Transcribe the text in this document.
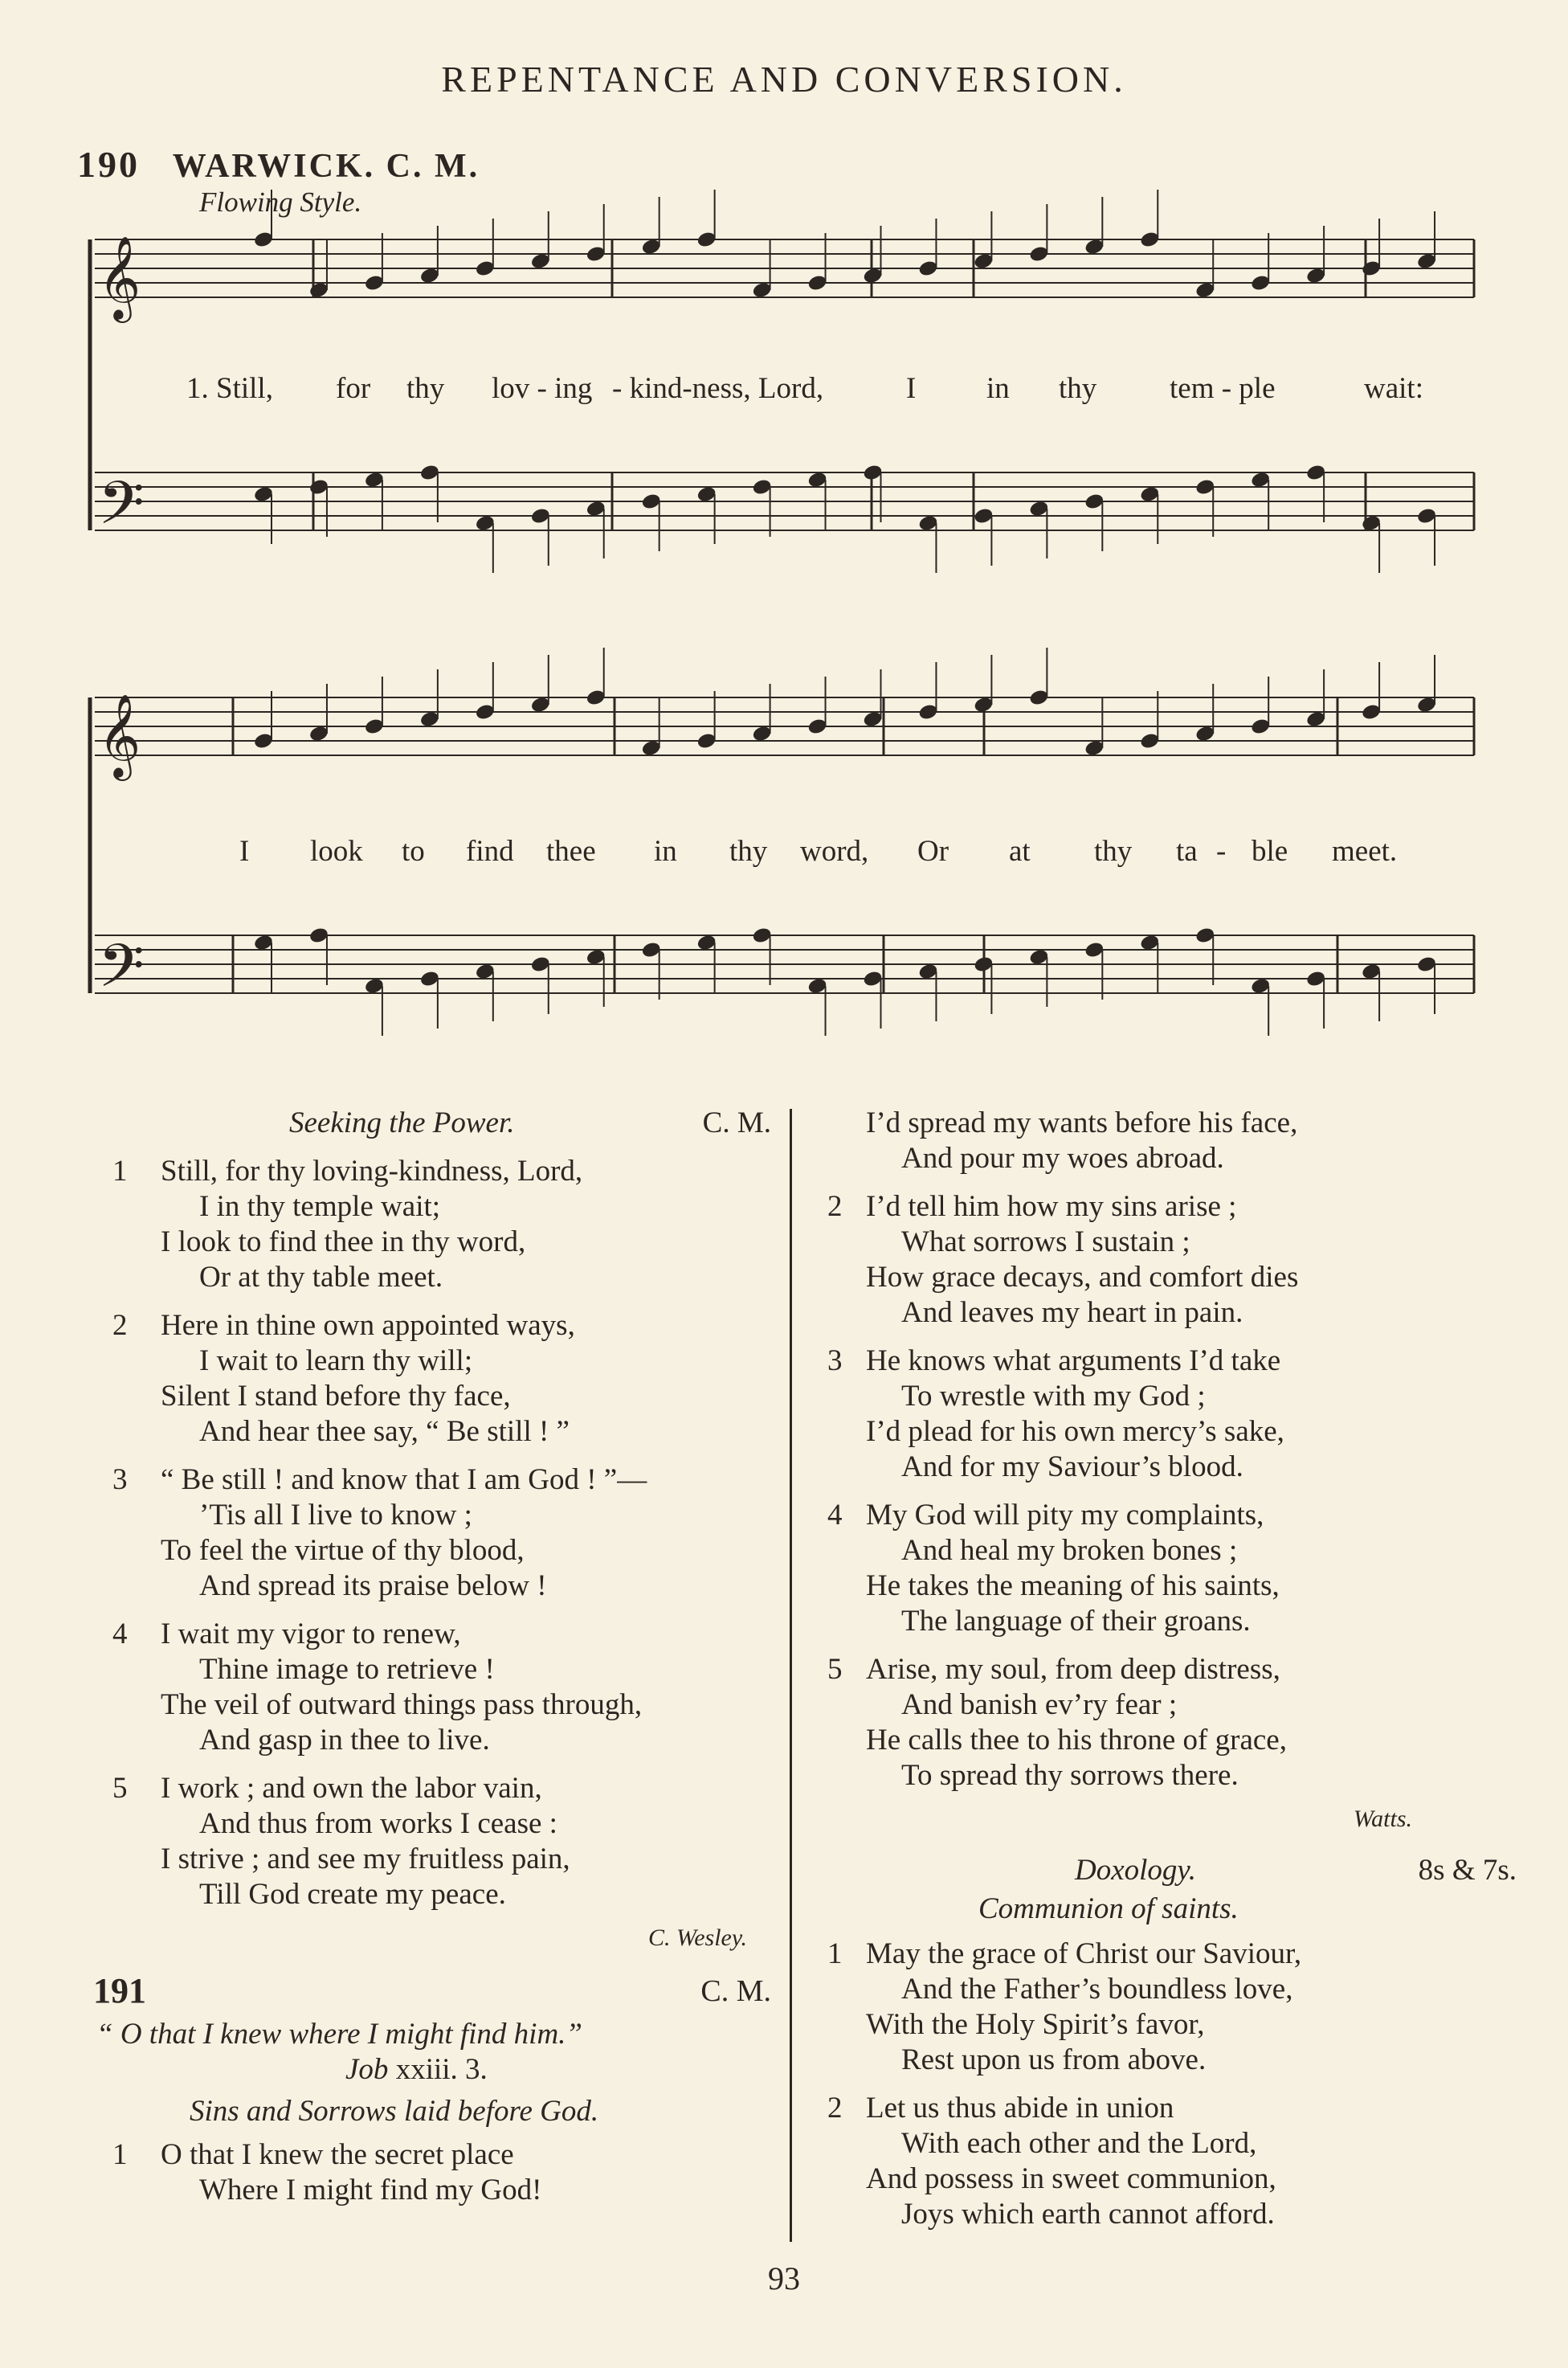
REPENTANCE AND CONVERSION.
190 WARWICK. C. M.
Flowing Style.
𝄞
𝄢
𝄞
𝄢
1. Still, for thy lov - ing - kind-ness, Lord,	I in thy tem - ple	wait:
I look to find thee in thy word, Or at thy ta - ble meet.
Seeking the Power.	C. M.
1	Still, for thy loving-kindness, Lord,
I in thy temple wait;
I look to find thee in thy word,
Or at thy table meet.
2	Here in thine own appointed ways,
I wait to learn thy will;
Silent I stand before thy face,
And hear thee say, “ Be still ! ”
3	“ Be still ! and know that I am God ! ”—
’Tis all I live to know ;
To feel the virtue of thy blood,
And spread its praise below !
4	I wait my vigor to renew,
Thine image to retrieve !
The veil of outward things pass through,
And gasp in thee to live.
5	I work ; and own the labor vain,
And thus from works I cease :
I strive ; and see my fruitless pain,
Till God create my peace.
C. Wesley.
191	C. M.
“ O that I knew where I might find him.”
Job xxiii. 3.
Sins and Sorrows laid before God.
1	O that I knew the secret place
Where I might find my God!
I’d spread my wants before his face,
And pour my woes abroad.
2 I’d tell him how my sins arise ;
What sorrows I sustain ;
How grace decays, and comfort dies
And leaves my heart in pain.
3 He knows what arguments I’d take
To wrestle with my God ;
I’d plead for his own mercy’s sake,
And for my Saviour’s blood.
4 My God will pity my complaints,
And heal my broken bones ;
He takes the meaning of his saints,
The language of their groans.
5 Arise, my soul, from deep distress,
And banish ev’ry fear ;
He calls thee to his throne of grace,
To spread thy sorrows there.
Watts.
Doxology.	8s & 7s.
Communion of saints.
1 May the grace of Christ our Saviour,
And the Father’s boundless love,
With the Holy Spirit’s favor,
Rest upon us from above.
2 Let us thus abide in union
With each other and the Lord,
And possess in sweet communion,
Joys which earth cannot afford.
93
